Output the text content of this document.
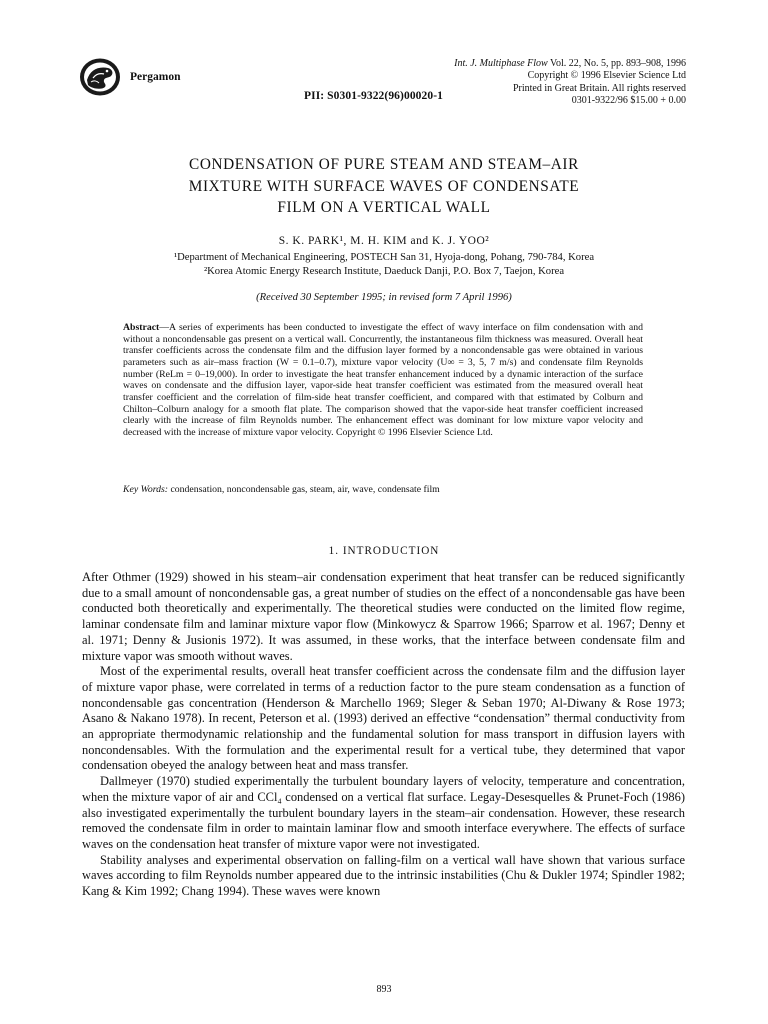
Pergamon
PII: S0301-9322(96)00020-1
Int. J. Multiphase Flow Vol. 22, No. 5, pp. 893–908, 1996
Copyright © 1996 Elsevier Science Ltd
Printed in Great Britain. All rights reserved
0301-9322/96 $15.00 + 0.00
CONDENSATION OF PURE STEAM AND STEAM–AIR
MIXTURE WITH SURFACE WAVES OF CONDENSATE
FILM ON A VERTICAL WALL
S. K. PARK¹, M. H. KIM and K. J. YOO²
¹Department of Mechanical Engineering, POSTECH San 31, Hyoja-dong, Pohang, 790-784, Korea
²Korea Atomic Energy Research Institute, Daeduck Danji, P.O. Box 7, Taejon, Korea
(Received 30 September 1995; in revised form 7 April 1996)
Abstract—A series of experiments has been conducted to investigate the effect of wavy interface on film condensation with and without a noncondensable gas present on a vertical wall. Concurrently, the instantaneous film thickness was measured. Overall heat transfer coefficients across the condensate film and the diffusion layer formed by a noncondensable gas were obtained in various parameters such as air–mass fraction (W = 0.1–0.7), mixture vapor velocity (U∞ = 3, 5, 7 m/s) and condensate film Reynolds number (ReLm = 0–19,000). In order to investigate the heat transfer enhancement induced by a dynamic interaction of the surface waves on condensate and the diffusion layer, vapor-side heat transfer coefficient was estimated from the measured overall heat transfer coefficient and the correlation of film-side heat transfer coefficient, and compared with that estimated by Colburn and Chilton–Colburn analogy for a smooth flat plate. The comparison showed that the vapor-side heat transfer coefficient increased clearly with the increase of film Reynolds number. The enhancement effect was dominant for low mixture vapor velocity and decreased with the increase of mixture vapor velocity. Copyright © 1996 Elsevier Science Ltd.
Key Words: condensation, noncondensable gas, steam, air, wave, condensate film
1. INTRODUCTION

After Othmer (1929) showed in his steam–air condensation experiment that heat transfer can be reduced significantly due to a small amount of noncondensable gas, a great number of studies on the effect of a noncondensable gas have been conducted both theoretically and experimentally. The theoretical studies were conducted on the limited flow regime, laminar condensate film and laminar mixture vapor flow (Minkowycz & Sparrow 1966; Sparrow et al. 1967; Denny et al. 1971; Denny & Jusionis 1972). It was assumed, in these works, that the interface between condensate film and mixture vapor was smooth without waves.

Most of the experimental results, overall heat transfer coefficient across the condensate film and the diffusion layer of mixture vapor phase, were correlated in terms of a reduction factor to the pure steam condensation as a function of noncondensable gas concentration (Henderson & Marchello 1969; Sleger & Seban 1970; Al-Diwany & Rose 1973; Asano & Nakano 1978). In recent, Peterson et al. (1993) derived an effective “condensation” thermal conductivity from an appropriate thermodynamic relationship and the fundamental solution for mass transport in diffusion layers with noncondensables. With the formulation and the experimental result for a vertical tube, they determined that vapor condensation obeyed the analogy between heat and mass transfer.

Dallmeyer (1970) studied experimentally the turbulent boundary layers of velocity, temperature and concentration, when the mixture vapor of air and CCl₄ condensed on a vertical flat surface. Legay-Desesquelles & Prunet-Foch (1986) also investigated experimentally the turbulent boundary layers in the steam–air condensation. However, these research removed the condensate film in order to maintain laminar flow and smooth interface everywhere. The effects of surface waves on the condensation heat transfer of mixture vapor were not investigated.

Stability analyses and experimental observation on falling-film on a vertical wall have shown that various surface waves according to film Reynolds number appeared due to the intrinsic instabilities (Chu & Dukler 1974; Spindler 1982; Kang & Kim 1992; Chang 1994). These waves were known

893
